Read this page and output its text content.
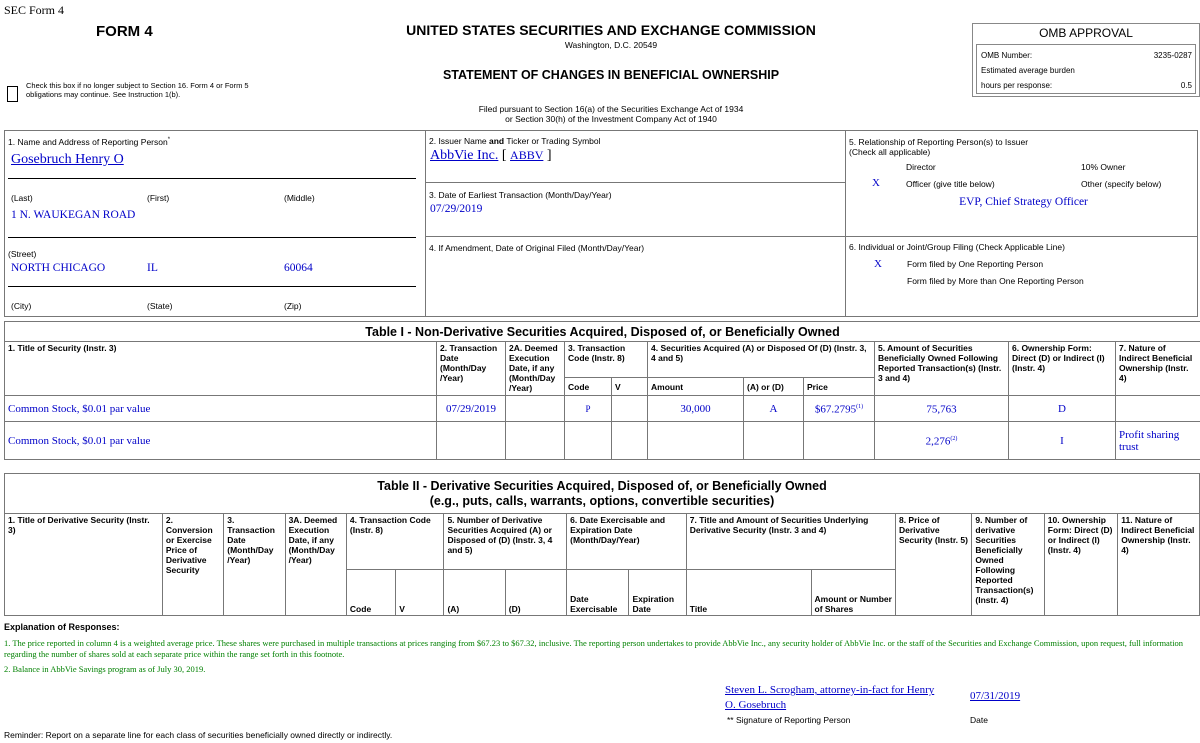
SEC Form 4
FORM 4	UNITED STATES SECURITIES AND EXCHANGE COMMISSION
Washington, D.C. 20549
STATEMENT OF CHANGES IN BENEFICIAL OWNERSHIP
Filed pursuant to Section 16(a) of the Securities Exchange Act of 1934
or Section 30(h) of the Investment Company Act of 1940
Check this box if no longer subject to Section 16. Form 4 or Form 5 obligations may continue. See Instruction 1(b).
OMB APPROVAL
OMB Number:	3235-0287
Estimated average burden
hours per response:	0.5
1. Name and Address of Reporting Person*
Gosebruch Henry O
(Last)	(First)	(Middle)
1 N. WAUKEGAN ROAD
(Street)
NORTH CHICAGO	IL	60064
(City)	(State)	(Zip)
2. Issuer Name and Ticker or Trading Symbol
AbbVie Inc. [ ABBV ]
3. Date of Earliest Transaction (Month/Day/Year)
07/29/2019
4. If Amendment, Date of Original Filed (Month/Day/Year)
5. Relationship of Reporting Person(s) to Issuer
(Check all applicable)
Director	10% Owner
X	Officer (give title below)	Other (specify below)
EVP, Chief Strategy Officer
6. Individual or Joint/Group Filing (Check Applicable Line)
X	Form filed by One Reporting Person
Form filed by More than One Reporting Person
Table I - Non-Derivative Securities Acquired, Disposed of, or Beneficially Owned										
1. Title of Security (Instr. 3)	2. Transaction Date (Month/Day /Year)	2A. Deemed Execution Date, if any (Month/Day /Year)	3. Transaction Code (Instr. 8)		4. Securities Acquired (A) or Disposed Of (D) (Instr. 3, 4 and 5)			5. Amount of Securities Beneficially Owned Following Reported Transaction(s) (Instr. 3 and 4)	6. Ownership Form: Direct (D) or Indirect (I) (Instr. 4)	7. Nature of Indirect Beneficial Ownership (Instr. 4)
			Code	V	Amount	(A) or (D)	Price			
Common Stock, $0.01 par value	07/29/2019		P		30,000	A	$67.2795$^{(1)}$	75,763	D	
Common Stock, $0.01 par value								2,276$^{(2)}$	I	Profit sharing trust
Table II - Derivative Securities Acquired, Disposed of, or Beneficially Owned
(e.g., puts, calls, warrants, options, convertible securities)															
1. Title of Derivative Security (Instr. 3)	2. Conversion or Exercise Price of Derivative Security	3. Transaction Date (Month/Day /Year)	3A. Deemed Execution Date, if any (Month/Day /Year)	4. Transaction Code (Instr. 8)		5. Number of Derivative Securities Acquired (A) or Disposed of (D) (Instr. 3, 4 and 5)		6. Date Exercisable and Expiration Date (Month/Day/Year)		7. Title and Amount of Securities Underlying Derivative Security (Instr. 3 and 4)		8. Price of Derivative Security (Instr. 5)	9. Number of derivative Securities Beneficially Owned Following Reported Transaction(s) (Instr. 4)	10. Ownership Form: Direct (D) or Indirect (I) (Instr. 4)	11. Nature of Indirect Beneficial Ownership (Instr. 4)
				Code	V	(A)	(D)	Date Exercisable	Expiration Date	Title	Amount or Number of Shares				
Explanation of Responses:
1. The price reported in column 4 is a weighted average price. These shares were purchased in multiple transactions at prices ranging from $67.23 to $67.32, inclusive. The reporting person undertakes to provide AbbVie Inc., any security holder of AbbVie Inc. or the staff of the Securities and Exchange Commission, upon request, full information regarding the number of shares sold at each separate price within the range set forth in this footnote.
2. Balance in AbbVie Savings program as of July 30, 2019.
Steven L. Scrogham, attorney-in-fact for Henry
O. Gosebruch
07/31/2019
** Signature of Reporting Person	Date
Reminder: Report on a separate line for each class of securities beneficially owned directly or indirectly.
